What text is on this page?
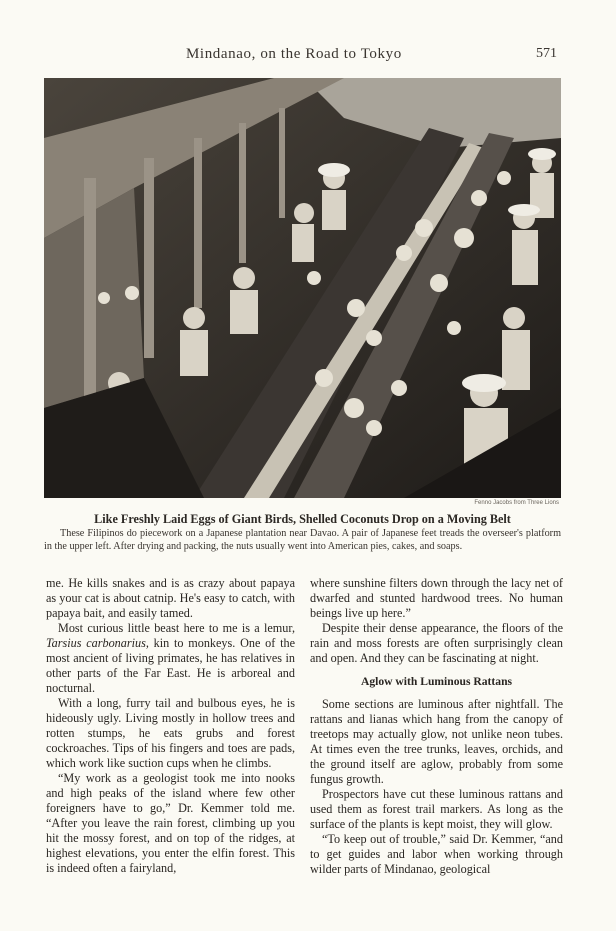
Mindanao, on the Road to Tokyo	571
Fenno Jacobs from Three Lions
Like Freshly Laid Eggs of Giant Birds, Shelled Coconuts Drop on a Moving Belt
These Filipinos do piecework on a Japanese plantation near Davao. A pair of Japanese feet treads the overseer's platform in the upper left. After drying and packing, the nuts usually went into American pies, cakes, and soaps.

me. He kills snakes and is as crazy about papaya as your cat is about catnip. He's easy to catch, with papaya bait, and easily tamed.

Most curious little beast here to me is a lemur, Tarsius carbonarius, kin to monkeys. One of the most ancient of living primates, he has relatives in other parts of the Far East. He is arboreal and nocturnal.

With a long, furry tail and bulbous eyes, he is hideously ugly. Living mostly in hollow trees and rotten stumps, he eats grubs and forest cockroaches. Tips of his fingers and toes are pads, which work like suction cups when he climbs.

“My work as a geologist took me into nooks and high peaks of the island where few other foreigners have to go,” Dr. Kemmer told me. “After you leave the rain forest, climbing up you hit the mossy forest, and on top of the ridges, at highest elevations, you enter the elfin forest. This is indeed often a fairyland,

where sunshine filters down through the lacy net of dwarfed and stunted hardwood trees. No human beings live up here.”

Despite their dense appearance, the floors of the rain and moss forests are often surprisingly clean and open. And they can be fascinating at night.

Aglow with Luminous Rattans

Some sections are luminous after nightfall. The rattans and lianas which hang from the canopy of treetops may actually glow, not unlike neon tubes. At times even the tree trunks, leaves, orchids, and the ground itself are aglow, probably from some fungus growth.

Prospectors have cut these luminous rattans and used them as forest trail markers. As long as the surface of the plants is kept moist, they will glow.

“To keep out of trouble,” said Dr. Kemmer, “and to get guides and labor when working through wilder parts of Mindanao, geological
